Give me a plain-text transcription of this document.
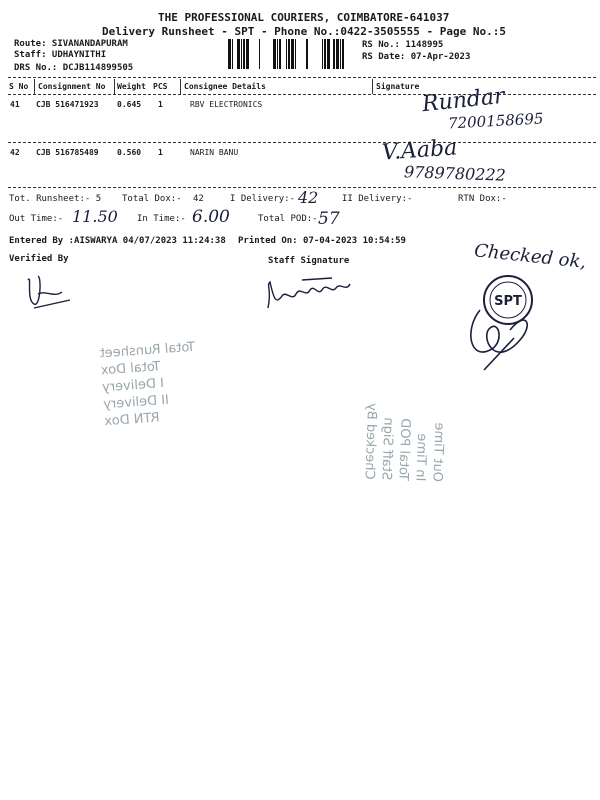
THE PROFESSIONAL COURIERS, COIMBATORE-641037
Delivery Runsheet - SPT - Phone No.:0422-3505555 - Page No.:5
Route: SIVANANDAPURAM
Staff: UDHAYNITHI
DRS No.: DCJB114899505
RS No.: 1148995
RS Date: 07-Apr-2023
S No Consignment No Weight PCS Consignee Details	Signature
41 CJB 516471923 0.645 1	RBV ELECTRONICS	Rundar
7200158695
42 CJB 516785489 0.560 1	NARIN BANU	V.Aaba
9789780222
Tot. Runsheet:- 5 Total Dox:- 42	I Delivery:- 42	II Delivery:-	RTN Dox:-
Out Time:- 11.50 In Time:- 6.00	Total POD:- 57
Entered By :AISWARYA 04/07/2023 11:24:38 Printed On: 07-04-2023 10:54:59
Verified By	Staff Signature	Checked ok,
SPT
Total Runsheet
Total Dox
I Delivery
II Delivery
RTN Dox
Out Time
In Time
Total POD
Staff Sign
Checked By
